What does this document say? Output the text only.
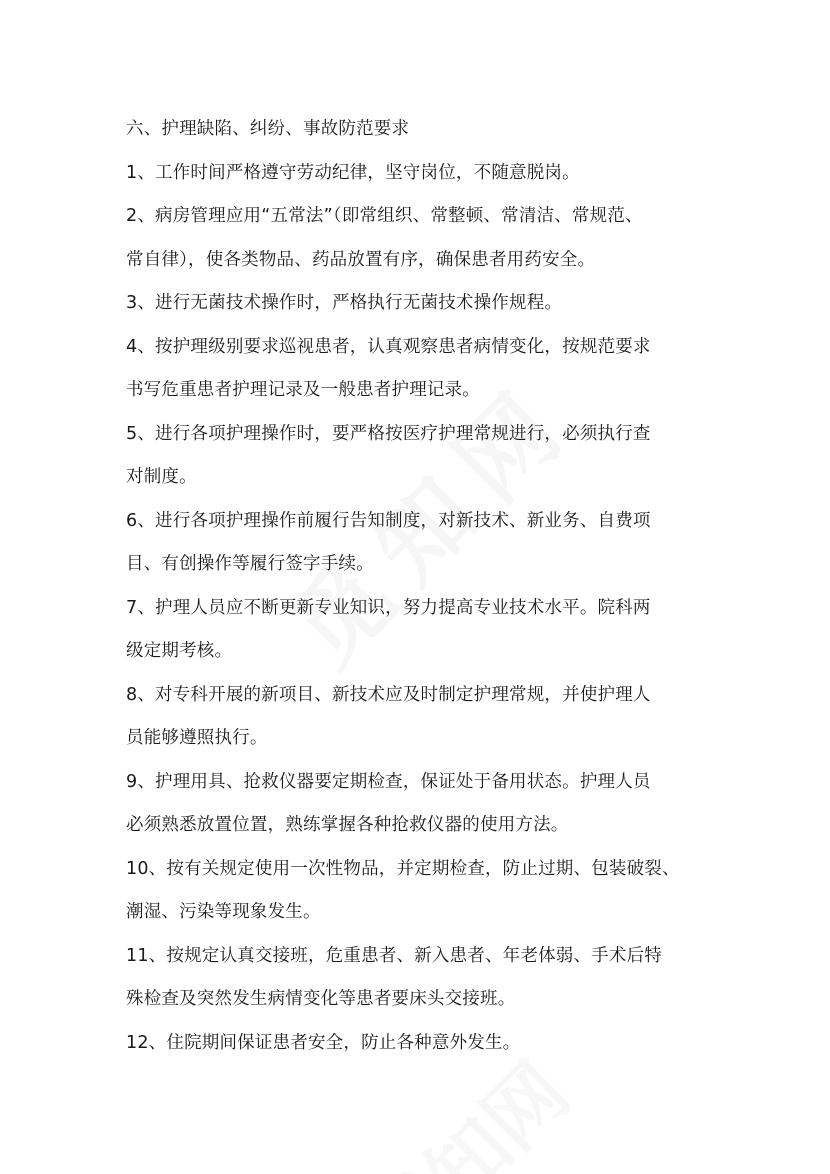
六、护理缺陷、纠纷、事故防范要求
1、工作时间严格遵守劳动纪律，坚守岗位，不随意脱岗。
2、病房管理应用“五常法”（即常组织、常整顿、常清洁、常规范、
常自律），使各类物品、药品放置有序，确保患者用药安全。
3、进行无菌技术操作时，严格执行无菌技术操作规程。
4、按护理级别要求巡视患者，认真观察患者病情变化，按规范要求
书写危重患者护理记录及一般患者护理记录。
5、进行各项护理操作时，要严格按医疗护理常规进行，必须执行查
对制度。
6、进行各项护理操作前履行告知制度，对新技术、新业务、自费项
目、有创操作等履行签字手续。
7、护理人员应不断更新专业知识，努力提高专业技术水平。院科两
级定期考核。
8、对专科开展的新项目、新技术应及时制定护理常规，并使护理人
员能够遵照执行。
9、护理用具、抢救仪器要定期检查，保证处于备用状态。护理人员
必须熟悉放置位置，熟练掌握各种抢救仪器的使用方法。
10、按有关规定使用一次性物品，并定期检查，防止过期、包装破裂、
潮湿、污染等现象发生。
11、按规定认真交接班，危重患者、新入患者、年老体弱、手术后特
殊检查及突然发生病情变化等患者要床头交接班。
12、住院期间保证患者安全，防止各种意外发生。
